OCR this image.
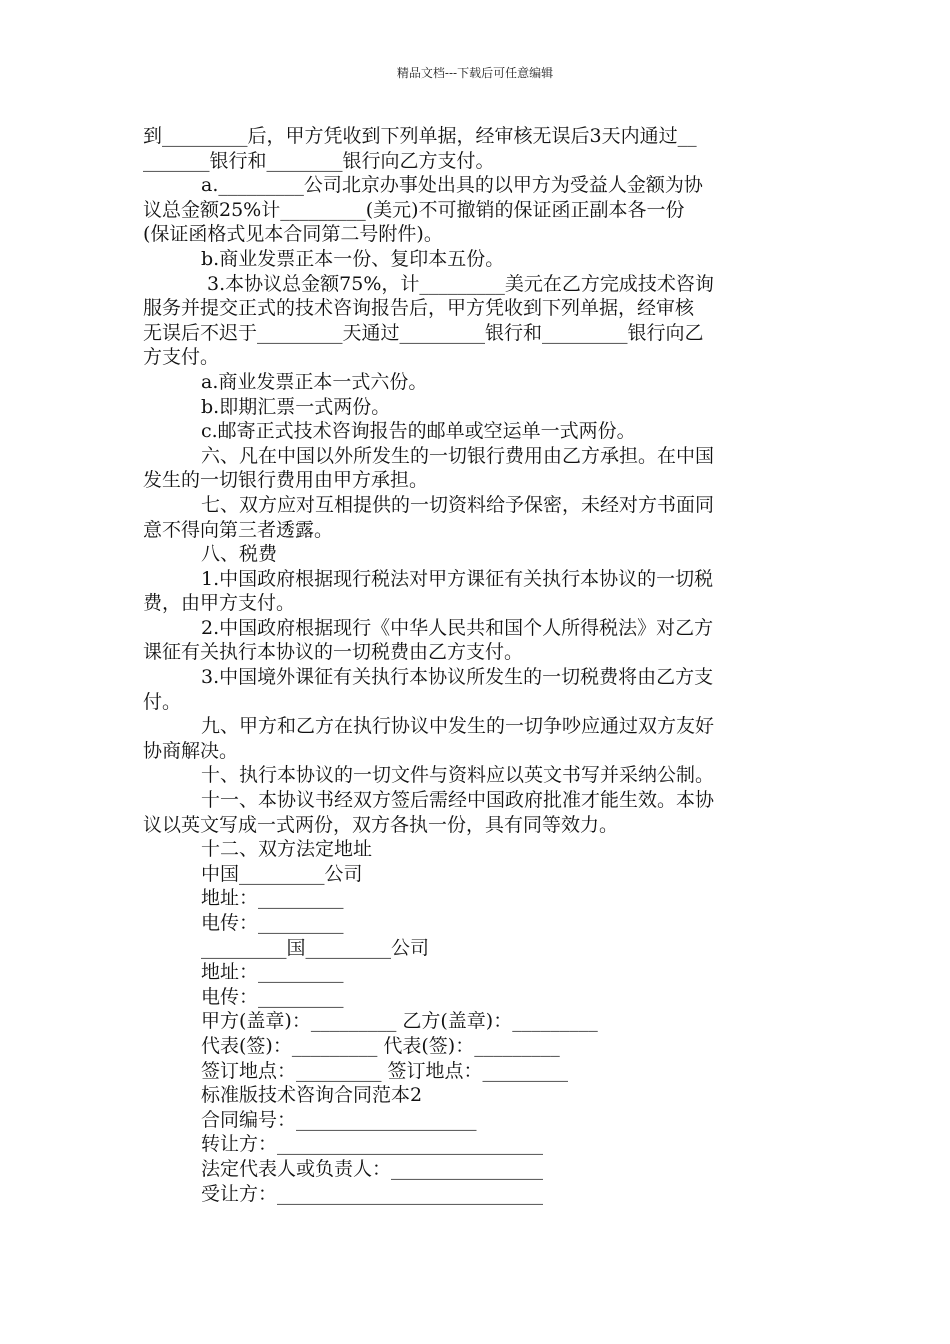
精品文档---下载后可任意编辑
到_________后，甲方凭收到下列单据，经审核无误后3天内通过__
_______银行和________银行向乙方支付。
a._________公司北京办事处出具的以甲方为受益人金额为协
议总金额25%计_________(美元)不可撤销的保证函正副本各一份
(保证函格式见本合同第二号附件)。
b.商业发票正本一份、复印本五份。
3.本协议总金额75%，计_________美元在乙方完成技术咨询
服务并提交正式的技术咨询报告后，甲方凭收到下列单据，经审核
无误后不迟于_________天通过_________银行和_________银行向乙
方支付。
a.商业发票正本一式六份。
b.即期汇票一式两份。
c.邮寄正式技术咨询报告的邮单或空运单一式两份。
六、凡在中国以外所发生的一切银行费用由乙方承担。在中国
发生的一切银行费用由甲方承担。
七、双方应对互相提供的一切资料给予保密，未经对方书面同
意不得向第三者透露。
八、税费
1.中国政府根据现行税法对甲方课征有关执行本协议的一切税
费，由甲方支付。
2.中国政府根据现行《中华人民共和国个人所得税法》对乙方
课征有关执行本协议的一切税费由乙方支付。
3.中国境外课征有关执行本协议所发生的一切税费将由乙方支
付。
九、甲方和乙方在执行协议中发生的一切争吵应通过双方友好
协商解决。
十、执行本协议的一切文件与资料应以英文书写并采纳公制。
十一、本协议书经双方签后需经中国政府批准才能生效。本协
议以英文写成一式两份，双方各执一份，具有同等效力。
十二、双方法定地址
中国_________公司
地址：_________
电传：_________
_________国_________公司
地址：_________
电传：_________
甲方(盖章)：_________ 乙方(盖章)：_________
代表(签)：_________ 代表(签)：_________
签订地点：_________ 签订地点：_________
标准版技术咨询合同范本2
合同编号：___________________
转让方：____________________________
法定代表人或负责人：________________
受让方：____________________________
